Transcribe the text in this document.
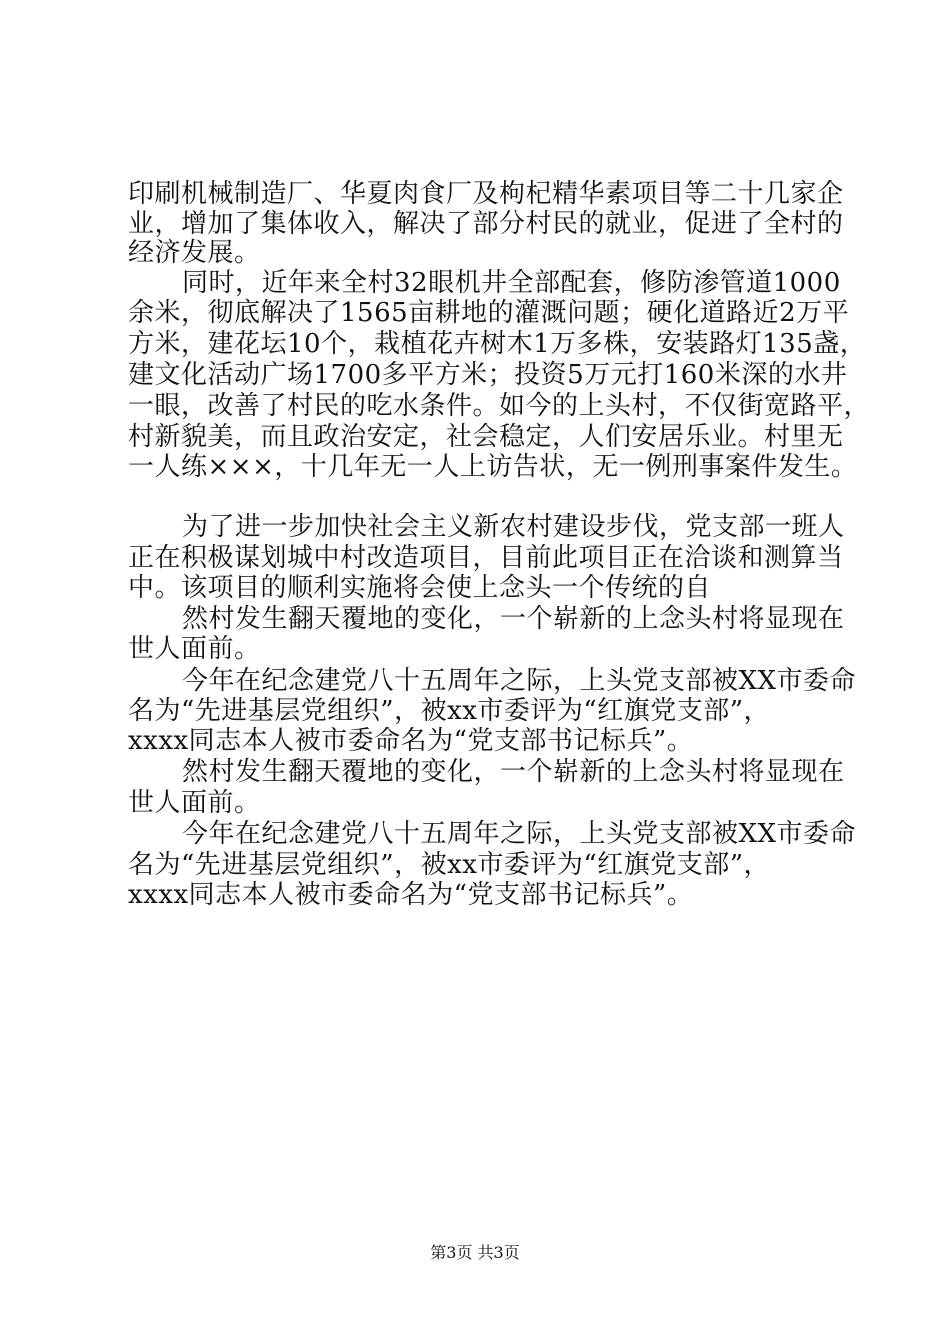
印刷机械制造厂、华夏肉食厂及枸杞精华素项目等二十几家企
业，增加了集体收入，解决了部分村民的就业，促进了全村的
经济发展。
同时，近年来全村32眼机井全部配套，修防渗管道1000
余米，彻底解决了1565亩耕地的灌溉问题；硬化道路近2万平
方米，建花坛10个，栽植花卉树木1万多株，安装路灯135盏，
建文化活动广场1700多平方米；投资5万元打160米深的水井
一眼，改善了村民的吃水条件。如今的上头村，不仅街宽路平，
村新貌美，而且政治安定，社会稳定，人们安居乐业。村里无
一人练×××，十几年无一人上访告状，无一例刑事案件发生。
为了进一步加快社会主义新农村建设步伐，党支部一班人
正在积极谋划城中村改造项目，目前此项目正在洽谈和测算当
中。该项目的顺利实施将会使上念头一个传统的自
然村发生翻天覆地的变化，一个崭新的上念头村将显现在
世人面前。
今年在纪念建党八十五周年之际，上头党支部被XX市委命
名为“先进基层党组织”，被xx市委评为“红旗党支部”，
xxxx同志本人被市委命名为“党支部书记标兵”。
然村发生翻天覆地的变化，一个崭新的上念头村将显现在
世人面前。
今年在纪念建党八十五周年之际，上头党支部被XX市委命
名为“先进基层党组织”，被xx市委评为“红旗党支部”，
xxxx同志本人被市委命名为“党支部书记标兵”。
第3页 共3页
